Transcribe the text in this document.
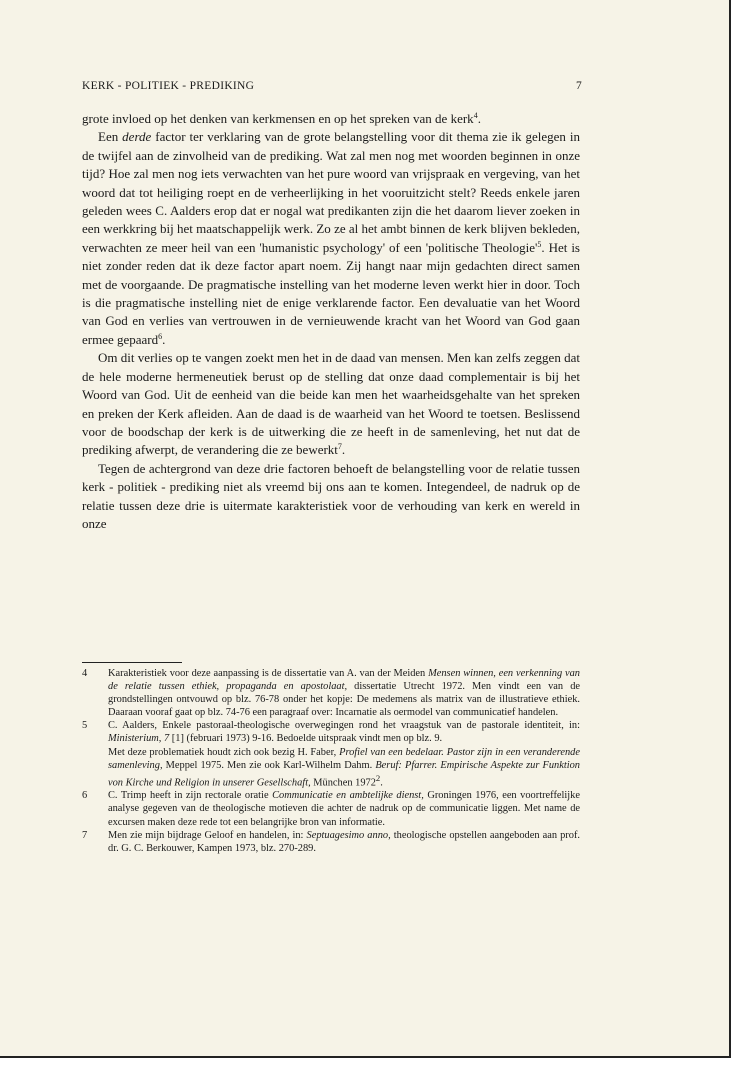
KERK - POLITIEK - PREDIKING	7

grote invloed op het denken van kerkmensen en op het spreken van de kerk$^4$.

Een derde factor ter verklaring van de grote belangstelling voor dit thema zie ik gelegen in de twijfel aan de zinvolheid van de prediking. Wat zal men nog met woorden beginnen in onze tijd? Hoe zal men nog iets verwachten van het pure woord van vrijspraak en vergeving, van het woord dat tot heiliging roept en de verheerlijking in het vooruitzicht stelt? Reeds enkele jaren geleden wees C. Aalders erop dat er nogal wat predikanten zijn die het daarom liever zoeken in een werkkring bij het maatschappelijk werk. Zo ze al het ambt binnen de kerk blijven bekleden, verwachten ze meer heil van een 'humanistic psychology' of een 'politische $Theologie'^5$. Het is niet zonder reden dat ik deze factor apart noem. Zij hangt naar mijn gedachten direct samen met de voorgaande. De pragmatische instelling van het moderne leven werkt hier in door. Toch is die pragmatische instelling niet de enige verklarende factor. Een devaluatie van het Woord van God en verlies van vertrouwen in de vernieuwende kracht van het Woord van God gaan ermee gepaard$^6$.

Om dit verlies op te vangen zoekt men het in de daad van mensen. Men kan zelfs zeggen dat de hele moderne hermeneutiek berust op de stelling dat onze daad complementair is bij het Woord van God. Uit de eenheid van die beide kan men het waarheidsgehalte van het spreken en preken der Kerk afleiden. Aan de daad is de waarheid van het Woord te toetsen. Beslissend voor de boodschap der kerk is de uitwerking die ze heeft in de samenleving, het nut dat de prediking afwerpt, de verandering die ze bewerkt$^7$.

Tegen de achtergrond van deze drie factoren behoeft de belangstelling voor de relatie tussen kerk - politiek - prediking niet als vreemd bij ons aan te komen. Integendeel, de nadruk op de relatie tussen deze drie is uitermate karakteristiek voor de verhouding van kerk en wereld in onze

4 Karakteristiek voor deze aanpassing is de dissertatie van A. van der Meiden Mensen winnen, een verkenning van de relatie tussen ethiek, propaganda en apostolaat, dissertatie Utrecht 1972. Men vindt een van de grondstellingen ontvouwd op blz. 76-78 onder het kopje: De medemens als matrix van de illustratieve ethiek. Daaraan vooraf gaat op blz. 74-76 een paragraaf over: Incarnatie als oermodel van communicatief handelen.

5 C. Aalders, Enkele pastoraal-theologische overwegingen rond het vraagstuk van de pastorale identiteit, in: Ministerium, 7 [1] (februari 1973) 9-16. Bedoelde uitspraak vindt men op blz. 9.
Met deze problematiek houdt zich ook bezig H. Faber, Profiel van een bedelaar. Pastor zijn in een veranderende samenleving, Meppel 1975. Men zie ook Karl-Wilhelm Dahm. Beruf: Pfarrer. Empirische Aspekte zur Funktion von Kirche und Religion in unserer Gesellschaft, München 1972$^2$.

6 C. Trimp heeft in zijn rectorale oratie Communicatie en ambtelijke dienst, Groningen 1976, een voortreffelijke analyse gegeven van de theologische motieven die achter de nadruk op de communicatie liggen. Met name de excursen maken deze rede tot een belangrijke bron van informatie.

7 Men zie mijn bijdrage Geloof en handelen, in: Septuagesimo anno, theologische opstellen aangeboden aan prof. dr. G. C. Berkouwer, Kampen 1973, blz. 270-289.
